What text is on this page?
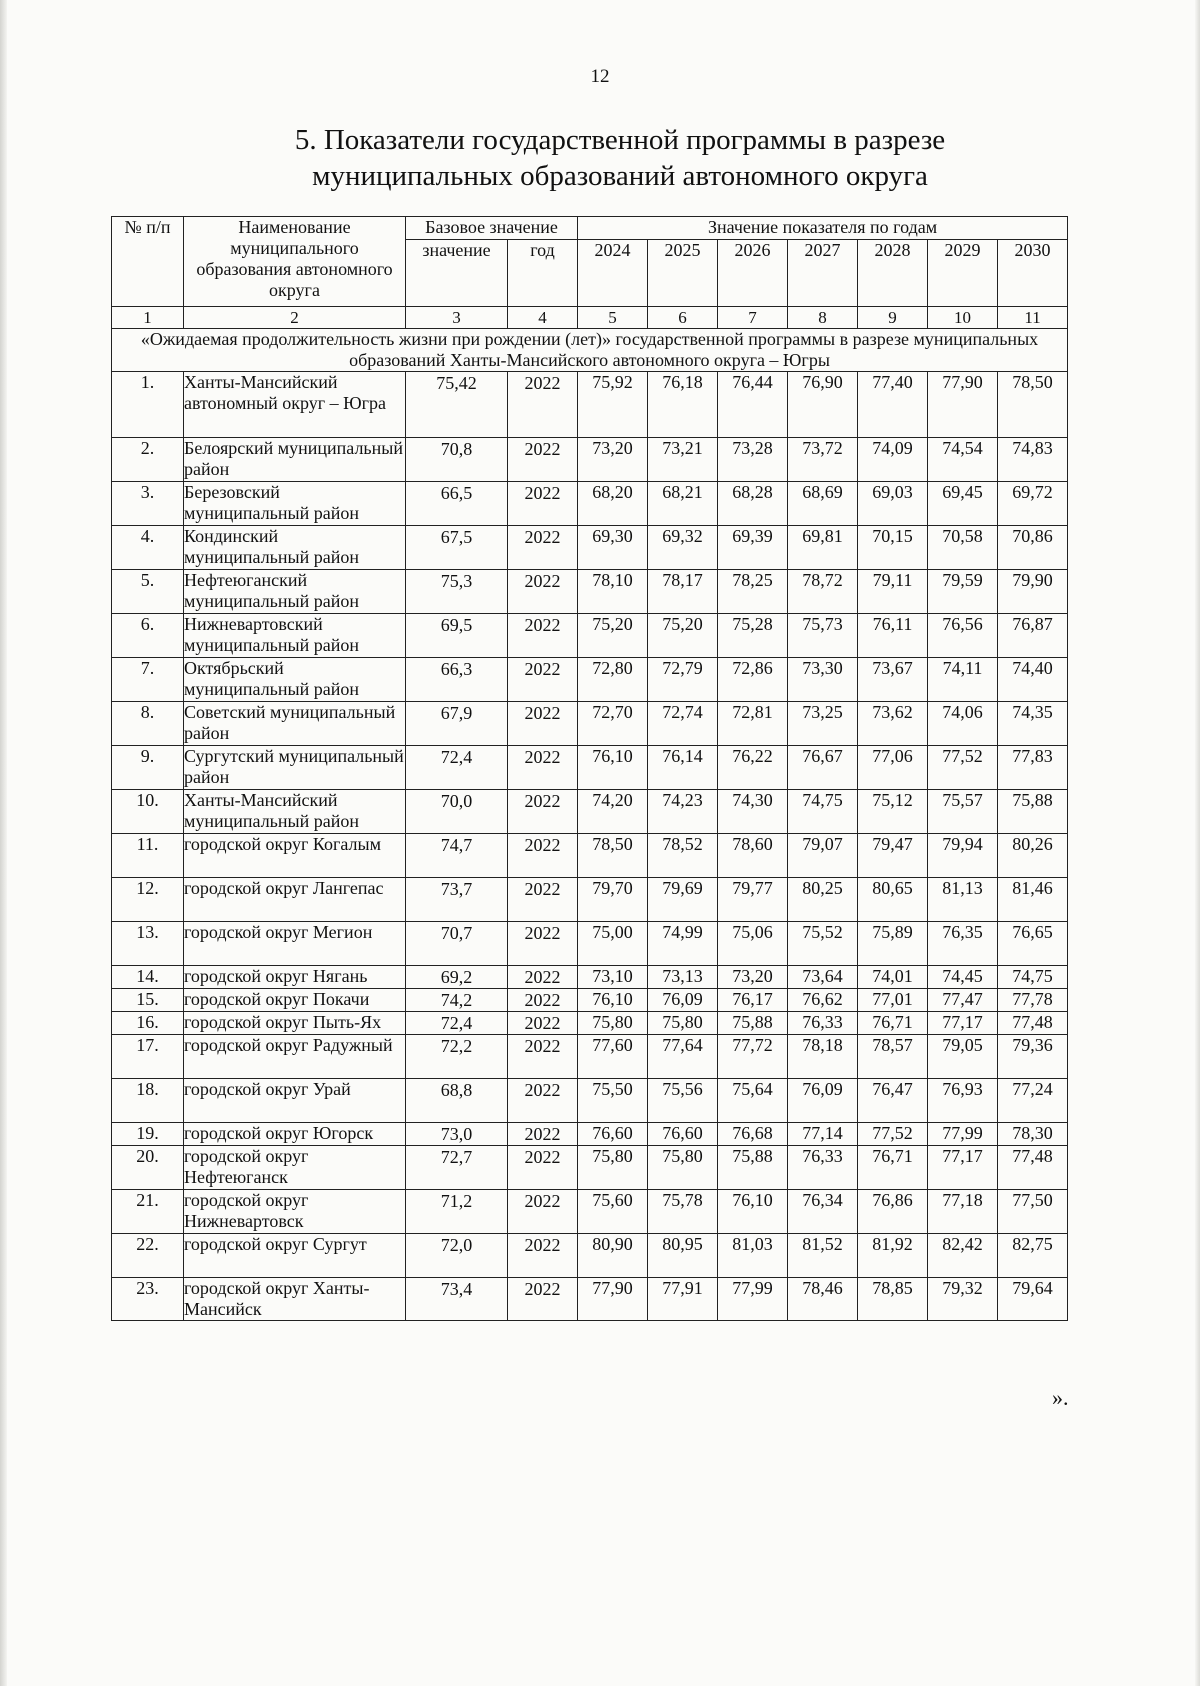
12
5. Показатели государственной программы в разрезе
муниципальных образований автономного округа
№ п/п	Наименование муниципального образования автономного округа	Базовое значение		Значение показателя по годам						
		значение	год	2024	2025	2026	2027	2028	2029	2030
1	2	3	4	5	6	7	8	9	10	11
«Ожидаемая продолжительность жизни при рождении (лет)» государственной программы в разрезе муниципальных образований Ханты-Мансийского автономного округа – Югры										
1.	Ханты-Мансийский автономный округ – Югра	75,42	2022	75,92	76,18	76,44	76,90	77,40	77,90	78,50
2.	Белоярский муниципальный район	70,8	2022	73,20	73,21	73,28	73,72	74,09	74,54	74,83
3.	Березовский муниципальный район	66,5	2022	68,20	68,21	68,28	68,69	69,03	69,45	69,72
4.	Кондинский муниципальный район	67,5	2022	69,30	69,32	69,39	69,81	70,15	70,58	70,86
5.	Нефтеюганский муниципальный район	75,3	2022	78,10	78,17	78,25	78,72	79,11	79,59	79,90
6.	Нижневартовский муниципальный район	69,5	2022	75,20	75,20	75,28	75,73	76,11	76,56	76,87
7.	Октябрьский муниципальный район	66,3	2022	72,80	72,79	72,86	73,30	73,67	74,11	74,40
8.	Советский муниципальный район	67,9	2022	72,70	72,74	72,81	73,25	73,62	74,06	74,35
9.	Сургутский муниципальный район	72,4	2022	76,10	76,14	76,22	76,67	77,06	77,52	77,83
10.	Ханты-Мансийский муниципальный район	70,0	2022	74,20	74,23	74,30	74,75	75,12	75,57	75,88
11.	городской округ Когалым	74,7	2022	78,50	78,52	78,60	79,07	79,47	79,94	80,26
12.	городской округ Лангепас	73,7	2022	79,70	79,69	79,77	80,25	80,65	81,13	81,46
13.	городской округ Мегион	70,7	2022	75,00	74,99	75,06	75,52	75,89	76,35	76,65
14.	городской округ Нягань	69,2	2022	73,10	73,13	73,20	73,64	74,01	74,45	74,75
15.	городской округ Покачи	74,2	2022	76,10	76,09	76,17	76,62	77,01	77,47	77,78
16.	городской округ Пыть-Ях	72,4	2022	75,80	75,80	75,88	76,33	76,71	77,17	77,48
17.	городской округ Радужный	72,2	2022	77,60	77,64	77,72	78,18	78,57	79,05	79,36
18.	городской округ Урай	68,8	2022	75,50	75,56	75,64	76,09	76,47	76,93	77,24
19.	городской округ Югорск	73,0	2022	76,60	76,60	76,68	77,14	77,52	77,99	78,30
20.	городской округ Нефтеюганск	72,7	2022	75,80	75,80	75,88	76,33	76,71	77,17	77,48
21.	городской округ Нижневартовск	71,2	2022	75,60	75,78	76,10	76,34	76,86	77,18	77,50
22.	городской округ Сургут	72,0	2022	80,90	80,95	81,03	81,52	81,92	82,42	82,75
23.	городской округ Ханты-Мансийск	73,4	2022	77,90	77,91	77,99	78,46	78,85	79,32	79,64
».
